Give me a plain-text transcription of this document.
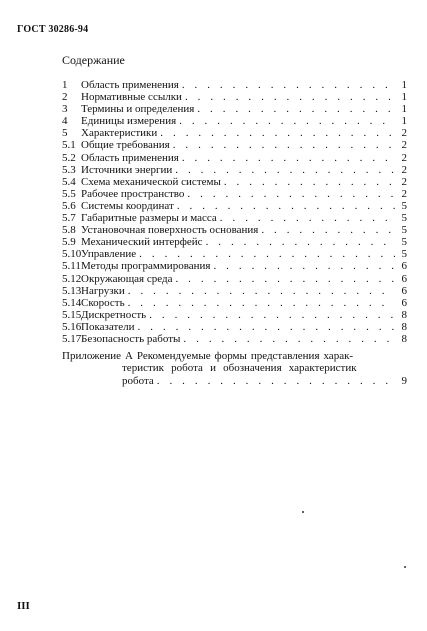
ГОСТ 30286-94
Содержание
1	Область применения . . .	1
2	Нормативные ссылки . . .	1
3	Термины и определения . . .	1
4	Единицы измерения . . .	1
5	Характеристики . . .	2
5.1 Общие требования . . .	2
5.2 Область применения . . .	2
5.3 Источники энергии . . .	2
5.4 Схема механической системы . . .	2
5.5 Рабочее пространство . . .	2
5.6 Системы координат . . .	5
5.7 Габаритные размеры и масса . . .	5
5.8 Установочная поверхность основания . . .	5
5.9 Механический интерфейс . . .	5
5.10 Управление . . .	5
5.11 Методы программирования . . .	6
5.12 Окружающая среда . . .	6
5.13 Нагрузки . . .	6
5.14 Скорость . . .	6
5.15 Дискретность . . .	8
5.16 Показатели . . .	8
5.17 Безопасность работы . . .	8
Приложение А Рекомендуемые формы представления харак-
теристик робота и обозначения характеристик
робота . . .	9
III
